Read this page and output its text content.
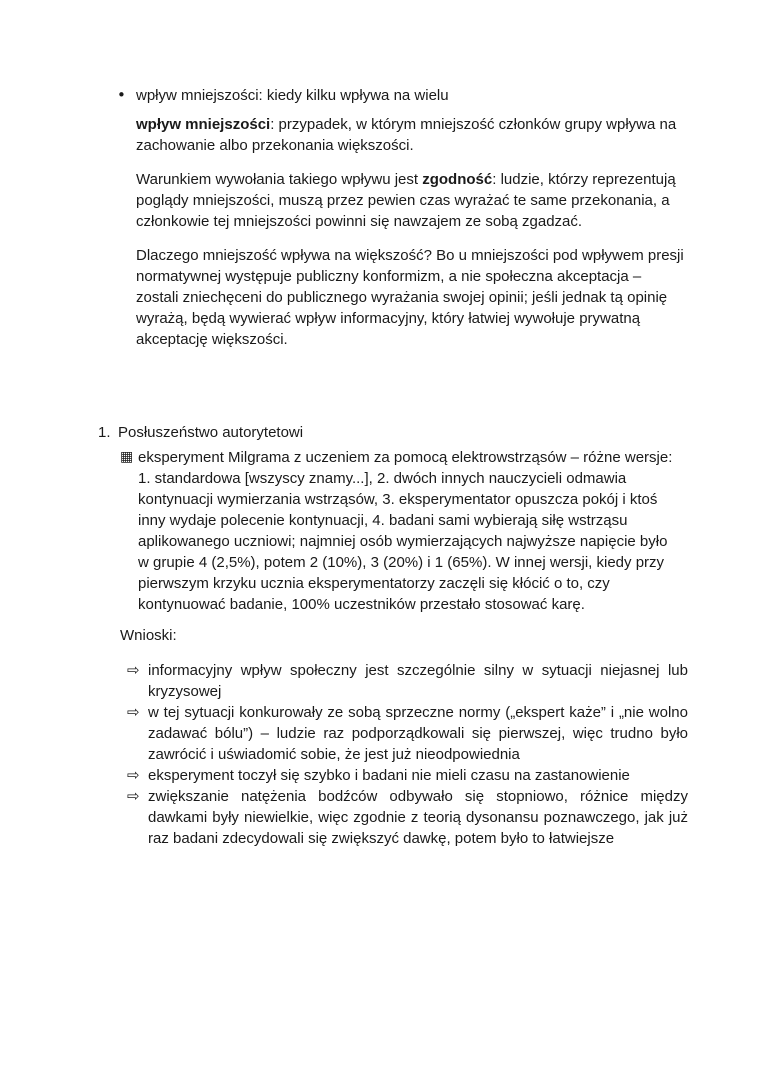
• wpływ mniejszości: kiedy kilku wpływa na wielu

wpływ mniejszości: przypadek, w którym mniejszość członków grupy wpływa na zachowanie albo przekonania większości.

Warunkiem wywołania takiego wpływu jest zgodność: ludzie, którzy reprezentują poglądy mniejszości, muszą przez pewien czas wyrażać te same przekonania, a członkowie tej mniejszości powinni się nawzajem ze sobą zgadzać.

Dlaczego mniejszość wpływa na większość? Bo u mniejszości pod wpływem presji normatywnej występuje publiczny konformizm, a nie społeczna akceptacja – zostali zniechęceni do publicznego wyrażania swojej opinii; jeśli jednak tą opinię wyrażą, będą wywierać wpływ informacyjny, który łatwiej wywołuje prywatną akceptację większości.

1. Posłuszeństwo autorytetowi
▦ eksperyment Milgrama z uczeniem za pomocą elektrowstrząsów – różne wersje: 1. standardowa [wszyscy znamy...], 2. dwóch innych nauczycieli odmawia kontynuacji wymierzania wstrząsów, 3. eksperymentator opuszcza pokój i ktoś inny wydaje polecenie kontynuacji, 4. badani sami wybierają siłę wstrząsu aplikowanego uczniowi; najmniej osób wymierzających najwyższe napięcie było w grupie 4 (2,5%), potem 2 (10%), 3 (20%) i 1 (65%). W innej wersji, kiedy przy pierwszym krzyku ucznia eksperymentatorzy zaczęli się kłócić o to, czy kontynuować badanie, 100% uczestników przestało stosować karę.

Wnioski:

⇨ informacyjny wpływ społeczny jest szczególnie silny w sytuacji niejasnej lub kryzysowej
⇨ w tej sytuacji konkurowały ze sobą sprzeczne normy („ekspert każe” i „nie wolno zadawać bólu”) – ludzie raz podporządkowali się pierwszej, więc trudno było zawrócić i uświadomić sobie, że jest już nieodpowiednia
⇨ eksperyment toczył się szybko i badani nie mieli czasu na zastanowienie
⇨ zwiększanie natężenia bodźców odbywało się stopniowo, różnice między dawkami były niewielkie, więc zgodnie z teorią dysonansu poznawczego, jak już raz badani zdecydowali się zwiększyć dawkę, potem było to łatwiejsze
